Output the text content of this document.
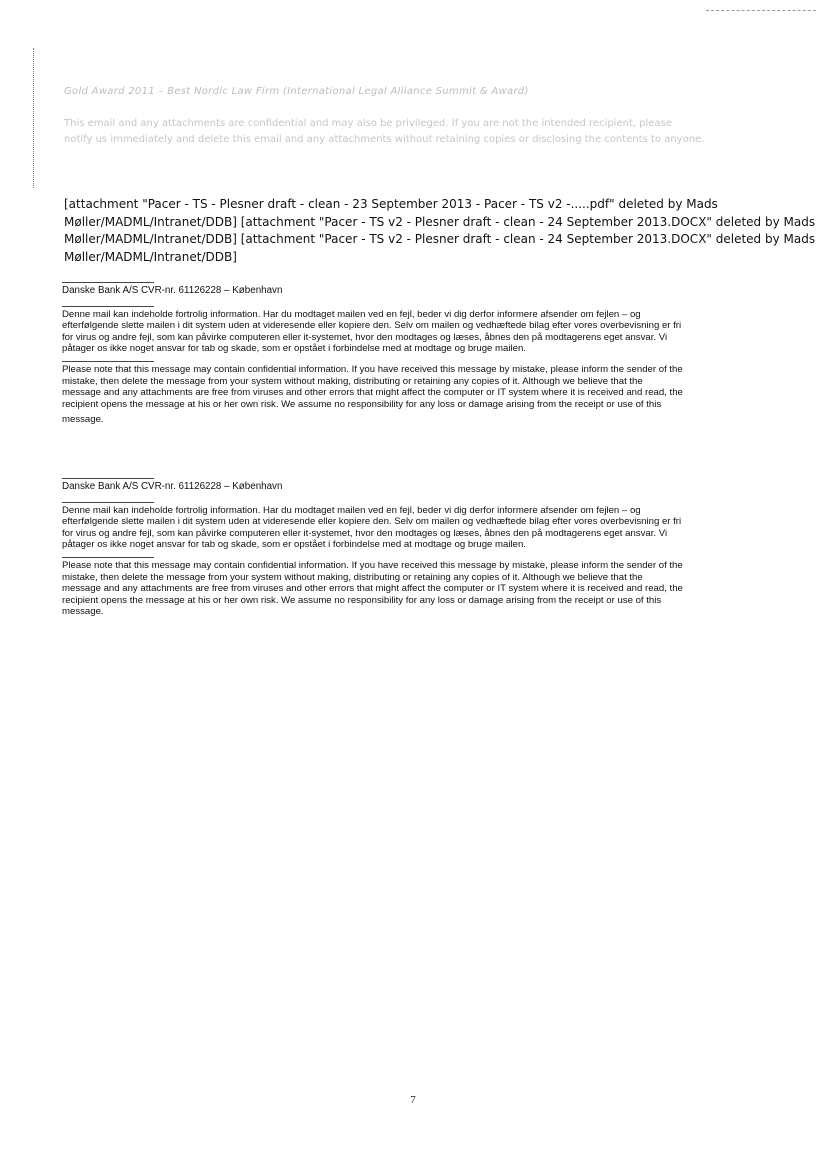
Gold Award 2011 – Best Nordic Law Firm (International Legal Alliance Summit & Award)
This email and any attachments are confidential and may also be privileged. If you are not the intended recipient, please
notify us immediately and delete this email and any attachments without retaining copies or disclosing the contents to anyone.
[attachment "Pacer - TS - Plesner draft - clean - 23 September 2013 - Pacer - TS v2 -.....pdf" deleted by Mads
Møller/MADML/Intranet/DDB] [attachment "Pacer - TS v2 - Plesner draft - clean - 24 September 2013.DOCX" deleted by Mads
Møller/MADML/Intranet/DDB] [attachment "Pacer - TS v2 - Plesner draft - clean - 24 September 2013.DOCX" deleted by Mads
Møller/MADML/Intranet/DDB]
Danske Bank A/S CVR-nr. 61126228 – København
Denne mail kan indeholde fortrolig information. Har du modtaget mailen ved en fejl, beder vi dig derfor informere afsender om fejlen – og
efterfølgende slette mailen i dit system uden at videresende eller kopiere den. Selv om mailen og vedhæftede bilag efter vores overbevisning er fri
for virus og andre fejl, som kan påvirke computeren eller it-systemet, hvor den modtages og læses, åbnes den på modtagerens eget ansvar. Vi
påtager os ikke noget ansvar for tab og skade, som er opstået i forbindelse med at modtage og bruge mailen.
Please note that this message may contain confidential information. If you have received this message by mistake, please inform the sender of the
mistake, then delete the message from your system without making, distributing or retaining any copies of it. Although we believe that the
message and any attachments are free from viruses and other errors that might affect the computer or IT system where it is received and read, the
recipient opens the message at his or her own risk. We assume no responsibility for any loss or damage arising from the receipt or use of this
message.
Danske Bank A/S CVR-nr. 61126228 – København
Denne mail kan indeholde fortrolig information. Har du modtaget mailen ved en fejl, beder vi dig derfor informere afsender om fejlen – og
efterfølgende slette mailen i dit system uden at videresende eller kopiere den. Selv om mailen og vedhæftede bilag efter vores overbevisning er fri
for virus og andre fejl, som kan påvirke computeren eller it-systemet, hvor den modtages og læses, åbnes den på modtagerens eget ansvar. Vi
påtager os ikke noget ansvar for tab og skade, som er opstået i forbindelse med at modtage og bruge mailen.
Please note that this message may contain confidential information. If you have received this message by mistake, please inform the sender of the
mistake, then delete the message from your system without making, distributing or retaining any copies of it. Although we believe that the
message and any attachments are free from viruses and other errors that might affect the computer or IT system where it is received and read, the
recipient opens the message at his or her own risk. We assume no responsibility for any loss or damage arising from the receipt or use of this
message.
7
